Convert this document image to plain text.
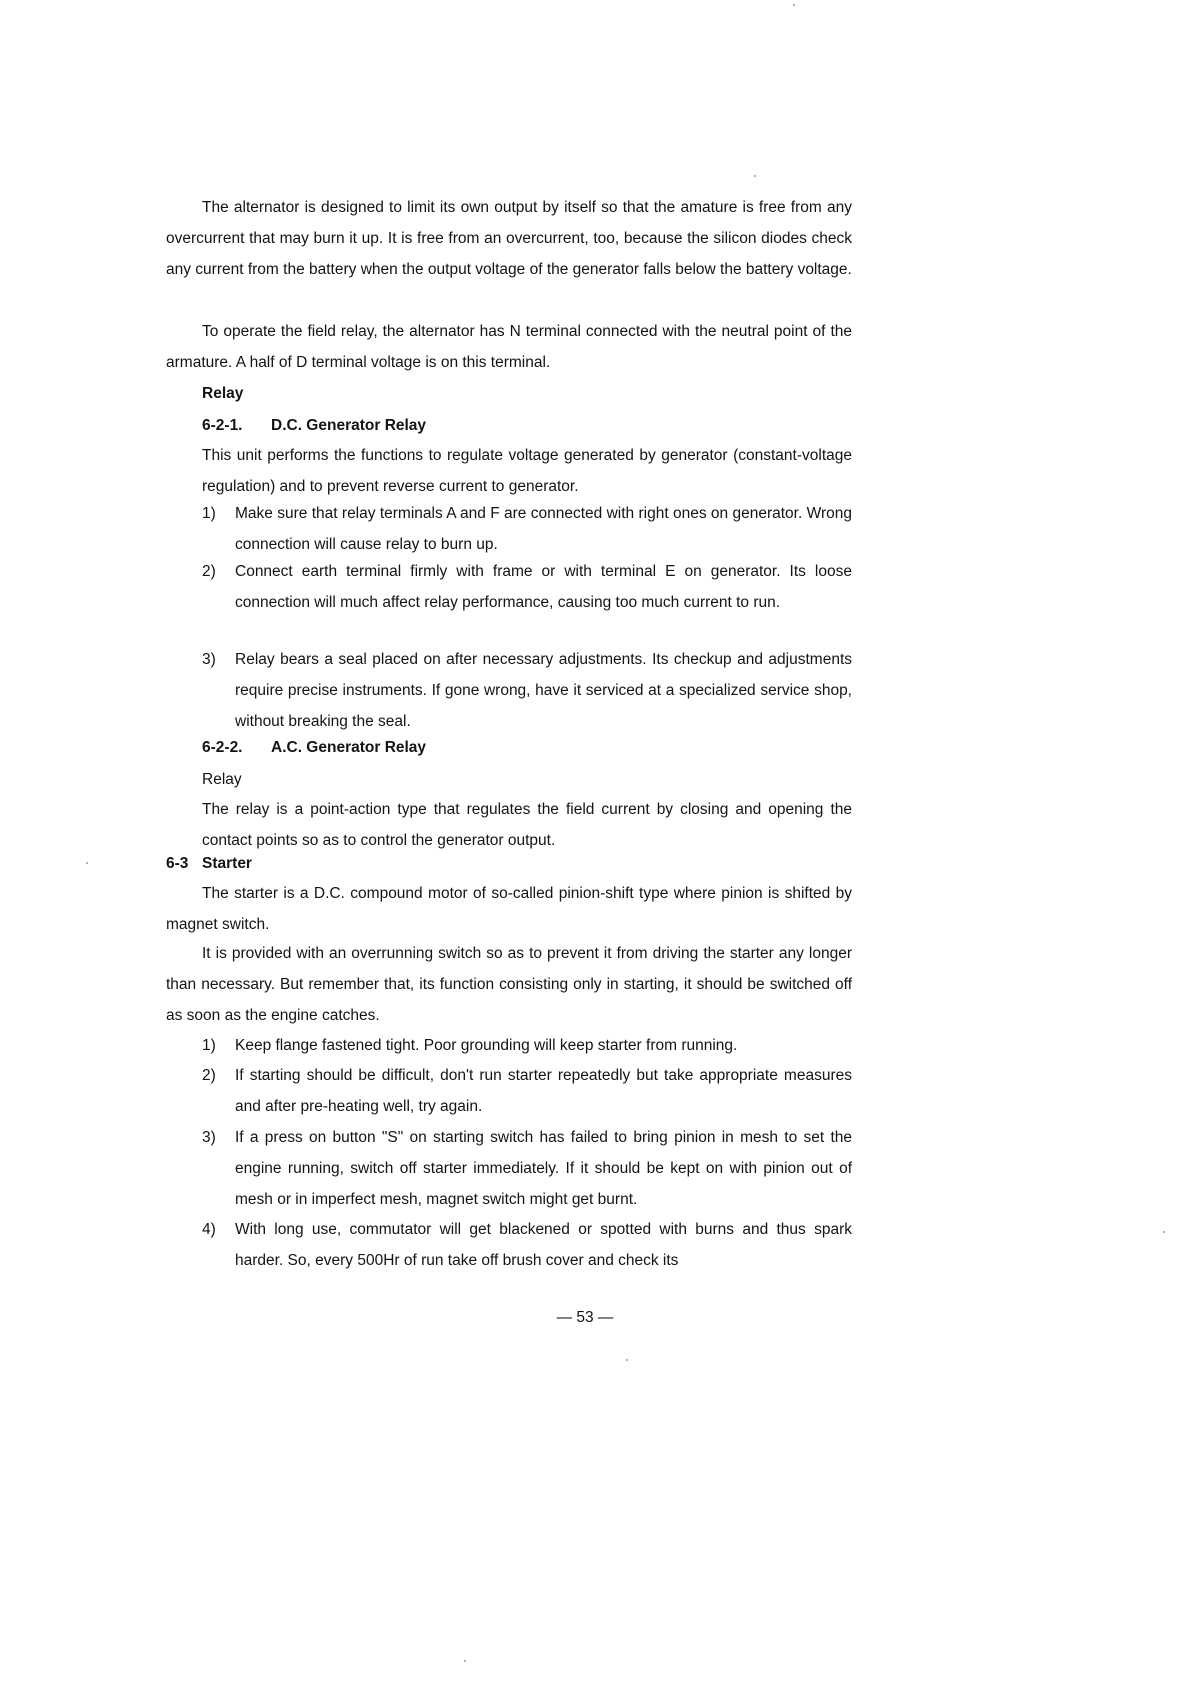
The alternator is designed to limit its own output by itself so that the amature is free from any overcurrent that may burn it up. It is free from an overcurrent, too, because the silicon diodes check any current from the battery when the output voltage of the generator falls below the battery voltage.

To operate the field relay, the alternator has N terminal connected with the neutral point of the armature. A half of D terminal voltage is on this terminal.

Relay
6-2-1. D.C. Generator Relay

This unit performs the functions to regulate voltage generated by generator (constant-voltage regulation) and to prevent reverse current to generator.

1)	Make sure that relay terminals A and F are connected with right ones on generator. Wrong connection will cause relay to burn up.
2)	Connect earth terminal firmly with frame or with terminal E on generator. Its loose connection will much affect relay performance, causing too much current to run.
3)	Relay bears a seal placed on after necessary adjustments. Its checkup and adjustments require precise instruments. If gone wrong, have it serviced at a specialized service shop, without breaking the seal.
6-2-2. A.C. Generator Relay
Relay

The relay is a point-action type that regulates the field current by closing and opening the contact points so as to control the generator output.

6-3 Starter

The starter is a D.C. compound motor of so-called pinion-shift type where pinion is shifted by magnet switch.

It is provided with an overrunning switch so as to prevent it from driving the starter any longer than necessary. But remember that, its function consisting only in starting, it should be switched off as soon as the engine catches.

1)	Keep flange fastened tight. Poor grounding will keep starter from running.
2)	If starting should be difficult, don't run starter repeatedly but take appropriate measures and after pre-heating well, try again.
3)	If a press on button "S" on starting switch has failed to bring pinion in mesh to set the engine running, switch off starter immediately. If it should be kept on with pinion out of mesh or in imperfect mesh, magnet switch might get burnt.
4)	With long use, commutator will get blackened or spotted with burns and thus spark harder. So, every 500Hr of run take off brush cover and check its
— 53 —
